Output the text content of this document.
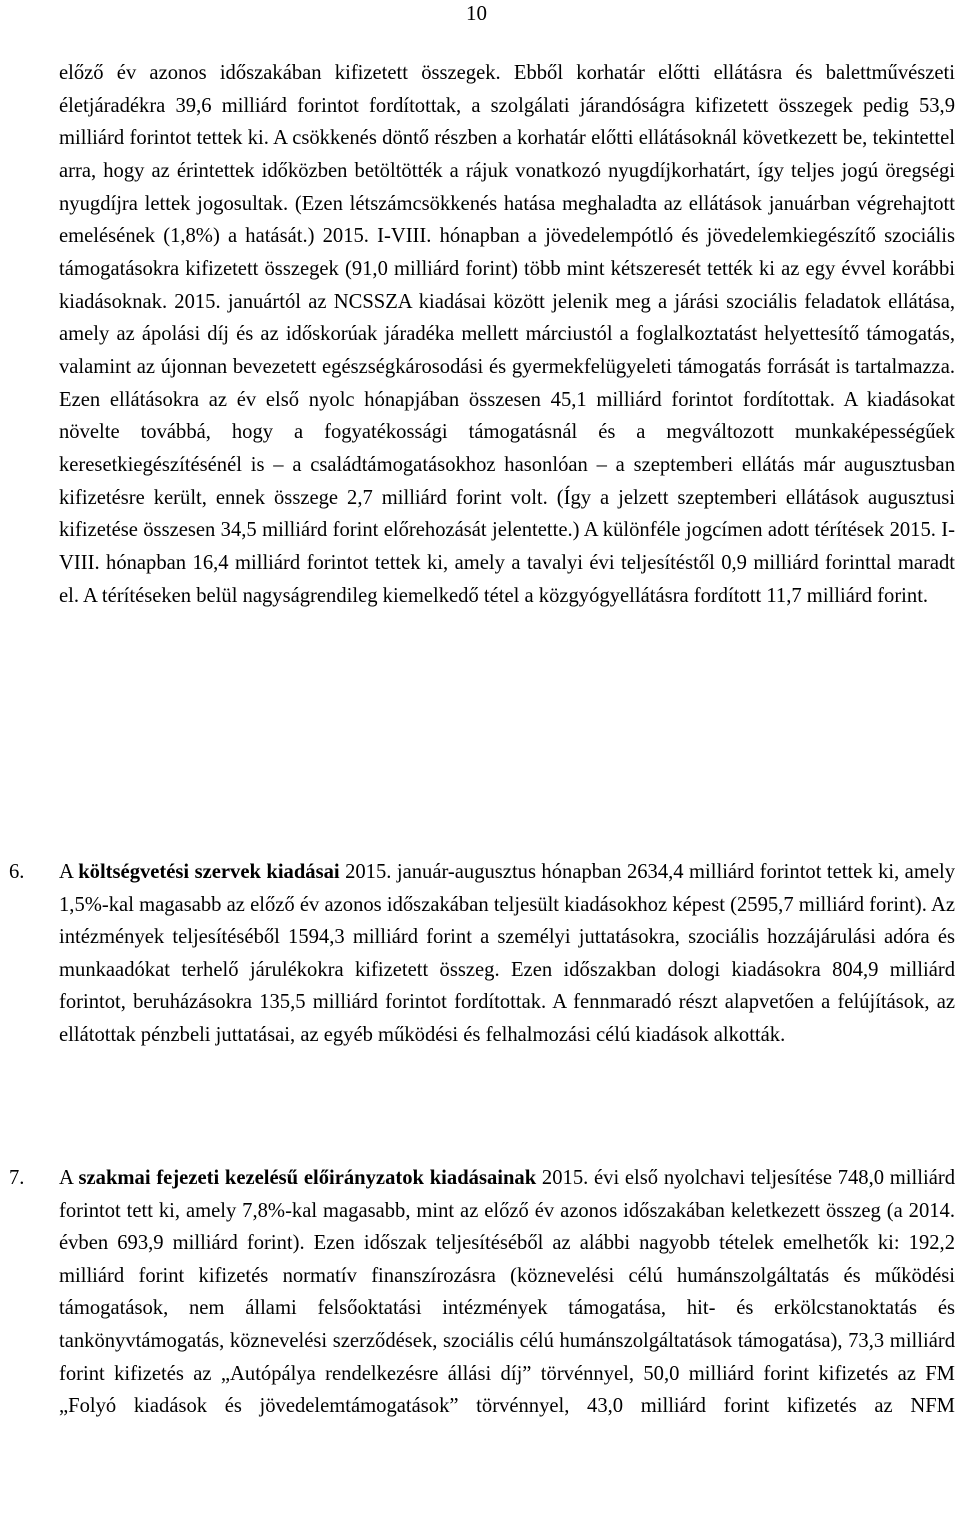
10
előző év azonos időszakában kifizetett összegek. Ebből korhatár előtti ellátásra és balettművészeti életjáradékra 39,6 milliárd forintot fordítottak, a szolgálati járandóságra kifizetett összegek pedig 53,9 milliárd forintot tettek ki. A csökkenés döntő részben a korhatár előtti ellátásoknál következett be, tekintettel arra, hogy az érintettek időközben betöltötték a rájuk vonatkozó nyugdíjkorhatárt, így teljes jogú öregségi nyugdíjra lettek jogosultak. (Ezen létszámcsökkenés hatása meghaladta az ellátások januárban végrehajtott emelésének (1,8%) a hatását.) 2015. I-VIII. hónapban a jövedelempótló és jövedelemkiegészítő szociális támogatásokra kifizetett összegek (91,0 milliárd forint) több mint kétszeresét tették ki az egy évvel korábbi kiadásoknak. 2015. januártól az NCSSZA kiadásai között jelenik meg a járási szociális feladatok ellátása, amely az ápolási díj és az időskorúak járadéka mellett márciustól a foglalkoztatást helyettesítő támogatás, valamint az újonnan bevezetett egészségkárosodási és gyermekfelügyeleti támogatás forrását is tartalmazza. Ezen ellátásokra az év első nyolc hónapjában összesen 45,1 milliárd forintot fordítottak. A kiadásokat növelte továbbá, hogy a fogyatékossági támogatásnál és a megváltozott munkaképességűek keresetkiegészítésénél is – a családtámogatásokhoz hasonlóan – a szeptemberi ellátás már augusztusban kifizetésre került, ennek összege 2,7 milliárd forint volt. (Így a jelzett szeptemberi ellátások augusztusi kifizetése összesen 34,5 milliárd forint előrehozását jelentette.) A különféle jogcímen adott térítések 2015. I-VIII. hónapban 16,4 milliárd forintot tettek ki, amely a tavalyi évi teljesítéstől 0,9 milliárd forinttal maradt el. A térítéseken belül nagyságrendileg kiemelkedő tétel a közgyógyellátásra fordított 11,7 milliárd forint.
6.	A költségvetési szervek kiadásai 2015. január-augusztus hónapban 2634,4 milliárd forintot tettek ki, amely 1,5%-kal magasabb az előző év azonos időszakában teljesült kiadásokhoz képest (2595,7 milliárd forint). Az intézmények teljesítéséből 1594,3 milliárd forint a személyi juttatásokra, szociális hozzájárulási adóra és munkaadókat terhelő járulékokra kifizetett összeg. Ezen időszakban dologi kiadásokra 804,9 milliárd forintot, beruházásokra 135,5 milliárd forintot fordítottak. A fennmaradó részt alapvetően a felújítások, az ellátottak pénzbeli juttatásai, az egyéb működési és felhalmozási célú kiadások alkották.
7.	A szakmai fejezeti kezelésű előirányzatok kiadásainak 2015. évi első nyolchavi teljesítése 748,0 milliárd forintot tett ki, amely 7,8%-kal magasabb, mint az előző év azonos időszakában keletkezett összeg (a 2014. évben 693,9 milliárd forint). Ezen időszak teljesítéséből az alábbi nagyobb tételek emelhetők ki: 192,2 milliárd forint kifizetés normatív finanszírozásra (köznevelési célú humánszolgáltatás és működési támogatások, nem állami felsőoktatási intézmények támogatása, hit- és erkölcstanoktatás és tankönyvtámogatás, köznevelési szerződések, szociális célú humánszolgáltatások támogatása), 73,3 milliárd forint kifizetés az „Autópálya rendelkezésre állási díj” törvénnyel, 50,0 milliárd forint kifizetés az FM „Folyó kiadások és jövedelemtámogatások” törvénnyel, 43,0 milliárd forint kifizetés az NFM
